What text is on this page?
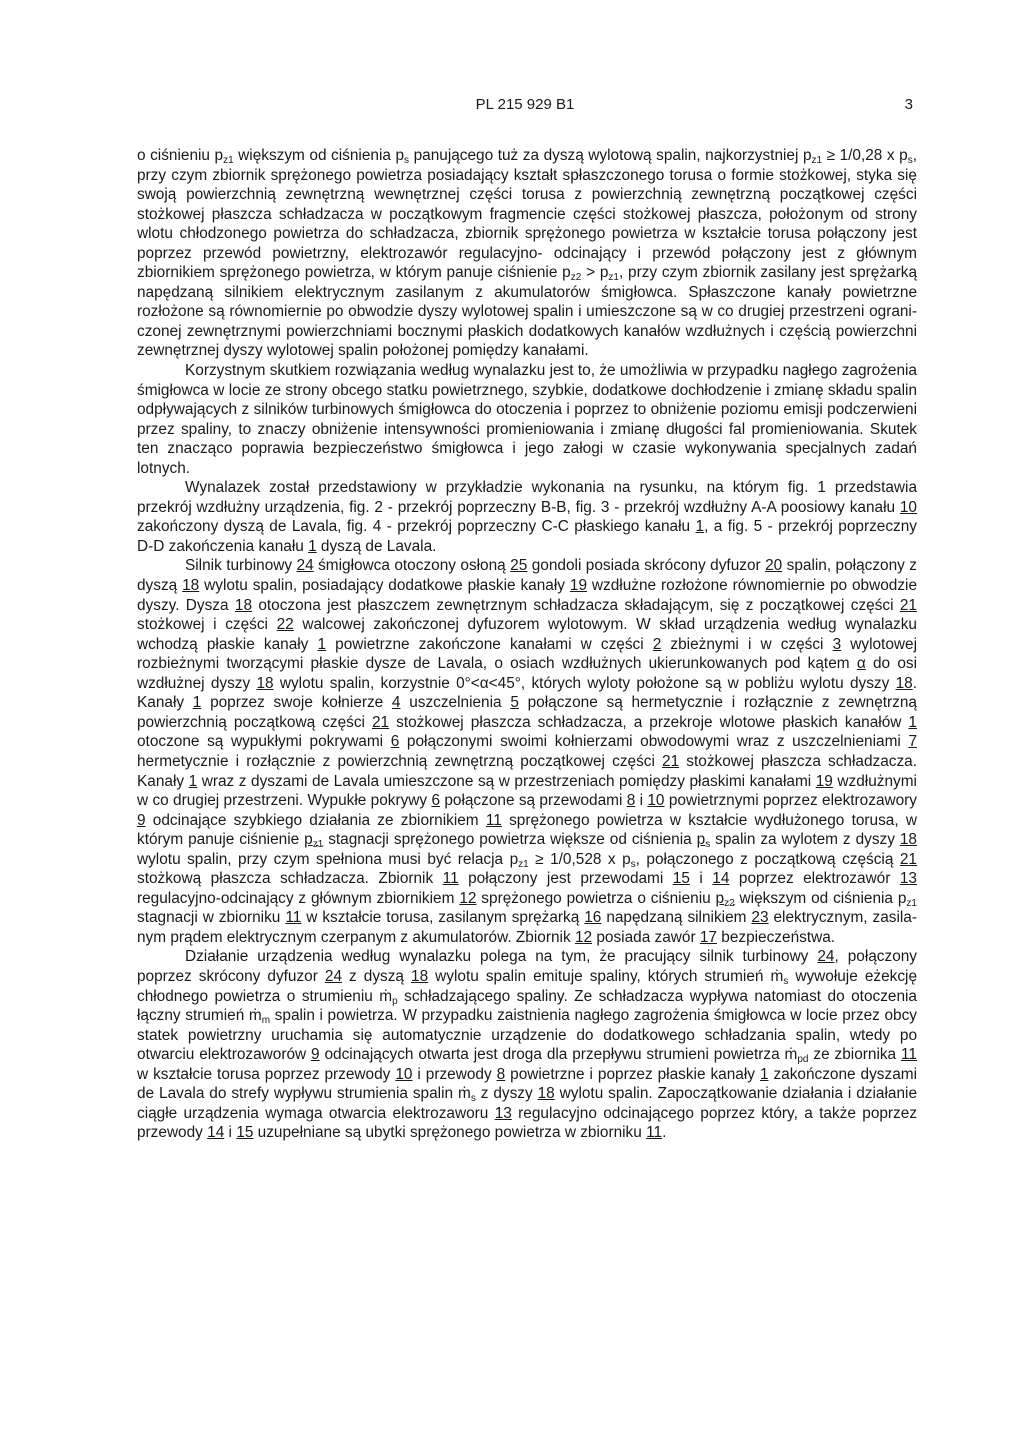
PL 215 929 B1	3

o ciśnieniu $p_{z1}$ większym od ciśnienia $p_s$ panującego tuż za dyszą wylotową spalin, najkorzystniej $p_{z1} \ge 1/0,28$ x $p_s$, przy czym zbiornik sprężonego powietrza posiadający kształt spłaszczonego torusa o formie stożkowej, styka się swoją powierzchnią zewnętrzną wewnętrznej części torusa z powierzchnią zewnętrzną początkowej części stożkowej płaszcza schładzacza w początkowym fragmencie części stożkowej płaszcza, położonym od strony wlotu chłodzonego powietrza do schładzacza, zbiornik sprężonego powietrza w kształcie torusa połączony jest poprzez przewód powietrzny, elektrozawór regulacyjno- odcinający i przewód połączony jest z głównym zbiornikiem sprężonego powietrza, w którym panuje ciśnienie $p_{z2} > p_{z1}$, przy czym zbiornik zasilany jest sprężarką napędzaną silnikiem elektrycznym zasilanym z akumulatorów śmigłowca. Spłaszczone kanały powietrzne rozłożone są równomiernie po obwodzie dyszy wylotowej spalin i umieszczone są w co drugiej przestrzeni ograniczonej zewnętrznymi powierzchniami bocznymi płaskich dodatkowych kanałów wzdłużnych i częścią powierzchni zewnętrznej dyszy wylotowej spalin położonej pomiędzy kanałami.

Korzystnym skutkiem rozwiązania według wynalazku jest to, że umożliwia w przypadku nagłego zagrożenia śmigłowca w locie ze strony obcego statku powietrznego, szybkie, dodatkowe dochłodzenie i zmianę składu spalin odpływających z silników turbinowych śmigłowca do otoczenia i poprzez to obniżenie poziomu emisji podczerwieni przez spaliny, to znaczy obniżenie intensywności promieniowania i zmianę długości fal promieniowania. Skutek ten znacząco poprawia bezpieczeństwo śmigłowca i jego załogi w czasie wykonywania specjalnych zadań lotnych.

Wynalazek został przedstawiony w przykładzie wykonania na rysunku, na którym fig. 1 przedstawia przekrój wzdłużny urządzenia, fig. 2 - przekrój poprzeczny B-B, fig. 3 - przekrój wzdłużny A-A poosiowy kanału 10 zakończony dyszą de Lavala, fig. 4 - przekrój poprzeczny C-C płaskiego kanału 1, a fig. 5 - przekrój poprzeczny D-D zakończenia kanału 1 dyszą de Lavala.

Silnik turbinowy 24 śmigłowca otoczony osłoną 25 gondoli posiada skrócony dyfuzor 20 spalin, połączony z dyszą 18 wylotu spalin, posiadający dodatkowe płaskie kanały 19 wzdłużne rozłożone równomiernie po obwodzie dyszy. Dysza 18 otoczona jest płaszczem zewnętrznym schładzacza składającym, się z początkowej części 21 stożkowej i części 22 walcowej zakończonej dyfuzorem wylotowym. W skład urządzenia według wynalazku wchodzą płaskie kanały 1 powietrzne zakończone kanałami w części 2 zbieżnymi i w części 3 wylotowej rozbieżnymi tworzącymi płaskie dysze de Lavala, o osiach wzdłużnych ukierunkowanych pod kątem α do osi wzdłużnej dyszy 18 wylotu spalin, korzystnie 0°<α<45°, których wyloty położone są w pobliżu wylotu dyszy 18. Kanały 1 poprzez swoje kołnierze 4 uszczelnienia 5 połączone są hermetycznie i rozłącznie z zewnętrzną powierzchnią początkową części 21 stożkowej płaszcza schładzacza, a przekroje wlotowe płaskich kanałów 1 otoczone są wypukłymi pokrywami 6 połączonymi swoimi kołnierzami obwodowymi wraz z uszczelnieniami 7 hermetycznie i rozłącznie z powierzchnią zewnętrzną początkowej części 21 stożkowej płaszcza schładzacza. Kanały 1 wraz z dyszami de Lavala umieszczone są w przestrzeniach pomiędzy płaskimi kanałami 19 wzdłużnymi w co drugiej przestrzeni. Wypukłe pokrywy 6 połączone są przewodami 8 i 10 powietrznymi poprzez elektrozawory 9 odcinające szybkiego działania ze zbiornikiem 11 sprężonego powietrza w kształcie wydłużonego torusa, w którym panuje ciśnienie $p_{z1}$ stagnacji sprężonego powietrza większe od ciśnienia $p_s$ spalin za wylotem z dyszy 18 wylotu spalin, przy czym spełniona musi być relacja $p_{z1} \ge 1/0,528$ x $p_s$, połączonego z początkową częścią 21 stożkową płaszcza schładzacza. Zbiornik 11 połączony jest przewodami 15 i 14 poprzez elektrozawór 13 regulacyjno-odcinający z głównym zbiornikiem 12 sprężonego powietrza o ciśnieniu $p_{z2}$ większym od ciśnienia $p_{z1}$ stagnacji w zbiorniku 11 w kształcie torusa, zasilanym sprężarką 16 napędzaną silnikiem 23 elektrycznym, zasilanym prądem elektrycznym czerpanym z akumulatorów. Zbiornik 12 posiada zawór 17 bezpieczeństwa.

Działanie urządzenia według wynalazku polega na tym, że pracujący silnik turbinowy 24, połączony poprzez skrócony dyfuzor 24 z dyszą 18 wylotu spalin emituje spaliny, których strumień ṁ$_s$ wywołuje eżekcję chłodnego powietrza o strumieniu ṁ$_p$ schładzającego spaliny. Ze schładzacza wypływa natomiast do otoczenia łączny strumień ṁ$_m$ spalin i powietrza. W przypadku zaistnienia nagłego zagrożenia śmigłowca w locie przez obcy statek powietrzny uruchamia się automatycznie urządzenie do dodatkowego schładzania spalin, wtedy po otwarciu elektrozaworów 9 odcinających otwarta jest droga dla przepływu strumieni powietrza ṁ$_{pd}$ ze zbiornika 11 w kształcie torusa poprzez przewody 10 i przewody 8 powietrzne i poprzez płaskie kanały 1 zakończone dyszami de Lavala do strefy wypływu strumienia spalin ṁ$_s$ z dyszy 18 wylotu spalin. Zapoczątkowanie działania i działanie ciągłe urządzenia wymaga otwarcia elektrozaworu 13 regulacyjno odcinającego poprzez który, a także poprzez przewody 14 i 15 uzupełniane są ubytki sprężonego powietrza w zbiorniku 11.
